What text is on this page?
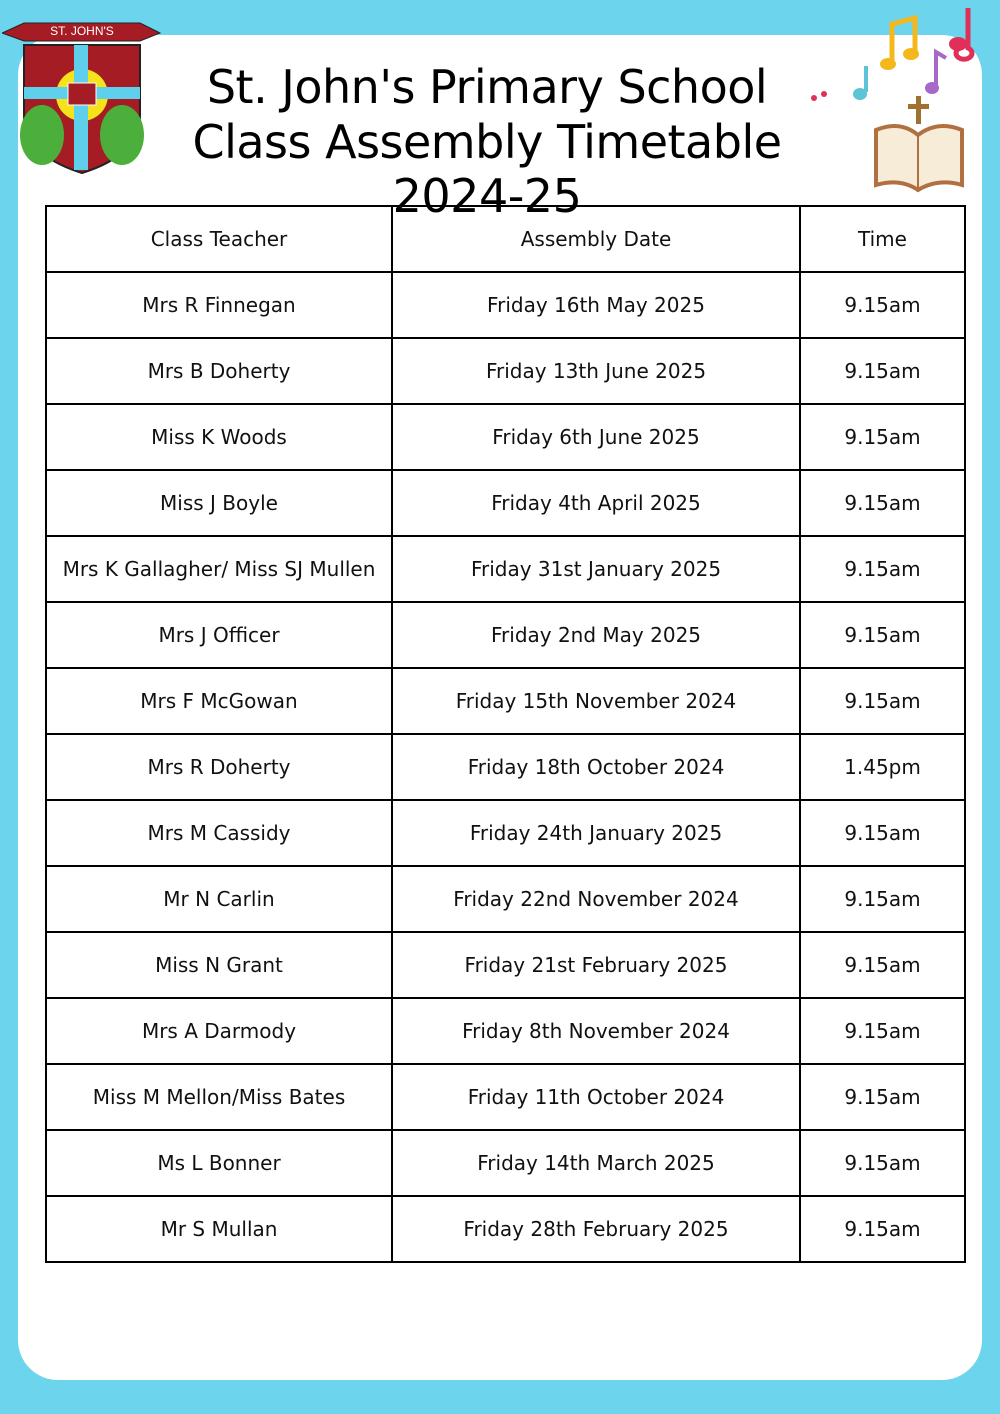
ST. JOHN'S
St. John's Primary School
Class Assembly Timetable 2024-25
Class Teacher	Assembly Date	Time
Mrs R Finnegan	Friday 16th May 2025	9.15am
Mrs B Doherty	Friday 13th June 2025	9.15am
Miss K Woods	Friday 6th June 2025	9.15am
Miss J Boyle	Friday 4th April 2025	9.15am
Mrs K Gallagher/ Miss SJ Mullen	Friday 31st January 2025	9.15am
Mrs J Officer	Friday 2nd May 2025	9.15am
Mrs F McGowan	Friday 15th November 2024	9.15am
Mrs R Doherty	Friday 18th October 2024	1.45pm
Mrs M Cassidy	Friday 24th January 2025	9.15am
Mr N Carlin	Friday 22nd November 2024	9.15am
Miss N Grant	Friday 21st February 2025	9.15am
Mrs A Darmody	Friday 8th November 2024	9.15am
Miss M Mellon/Miss Bates	Friday 11th October 2024	9.15am
Ms L Bonner	Friday 14th March 2025	9.15am
Mr S Mullan	Friday 28th February 2025	9.15am
